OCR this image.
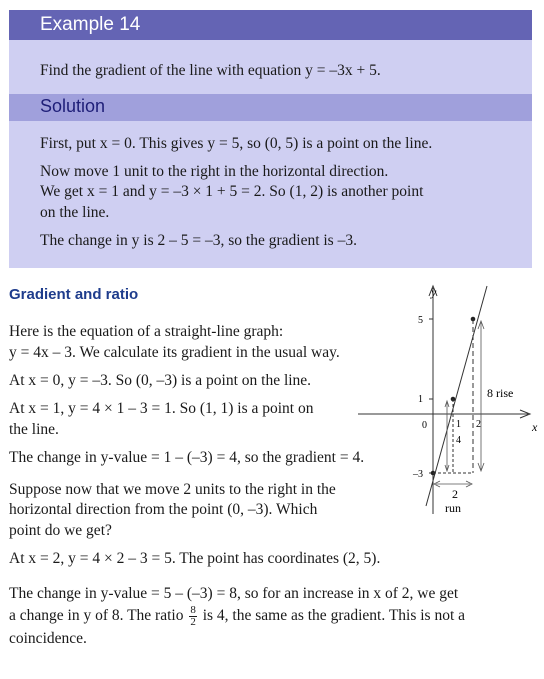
Example 14

Find the gradient of the line with equation y = –3x + 5.

Solution

First, put x = 0. This gives y = 5, so (0, 5) is a point on the line.

Now move 1 unit to the right in the horizontal direction.

We get x = 1 and y = –3 × 1 + 5 = 2. So (1, 2) is another point

on the line.

The change in y is 2 – 5 = –3, so the gradient is –3.

Gradient and ratio

Here is the equation of a straight-line graph:

y = 4x – 3. We calculate its gradient in the usual way.

At x = 0, y = –3. So (0, –3) is a point on the line.

At x = 1, y = 4 × 1 – 3 = 1. So (1, 1) is a point on

the line.

The change in y-value = 1 – (–3) = 4, so the gradient = 4.

Suppose now that we move 2 units to the right in the

horizontal direction from the point (0, –3). Which

point do we get?

At x = 2, y = 4 × 2 – 3 = 5. The point has coordinates (2, 5).

The change in y-value = 5 – (–3) = 8, so for an increase in x of 2, we get

a change in y of 8. The ratio $\frac{8}{2}$ is 4, the same as the gradient. This is not a

coincidence.

y
x
5
1
0
–3
1 2
4
8 rise
2
run
